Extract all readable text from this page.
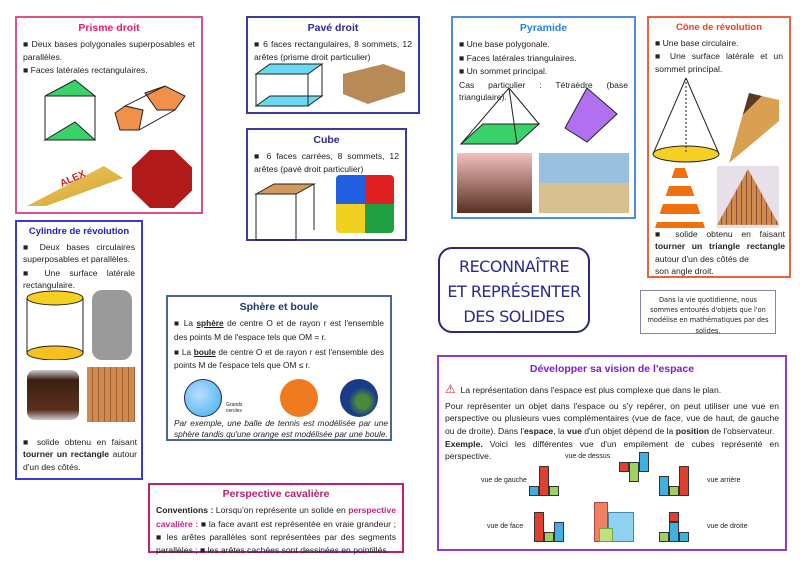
Prisme droit

■ Deux bases polygonales superposables et parallèles.

■ Faces latérales rectangulaires.

ALEX
Cylindre de révolution

■ Deux bases circulaires superposables et parallèles.

■ Une surface latérale rectangulaire.

■ solide obtenu en faisant tourner un rectangle autour d'un des côtés.

Pavé droit

■ 6 faces rectangulaires, 8 sommets, 12 arêtes (prisme droit particulier)

Cube

■ 6 faces carrées, 8 sommets, 12 arêtes (pavé droit particulier)

Pyramide

■ Une base polygonale.

■ Faces latérales triangulaires.

■ Un sommet principal.

Cas particulier : Tétraèdre (base triangulaire).

Cône de révolution

■ Une base circulaire.

■ Une surface latérale et un sommet principal.

■ solide obtenu en faisant tourner un triangle rectangle autour d'un des côtés de
son angle droit.

RECONNAÎTRE
ET REPRÉSENTER
DES SOLIDES
Dans la vie quotidienne, nous sommes entourés d'objets que l'on modélise en mathématiques par des solides.
Sphère et boule

■ La sphère de centre O et de rayon r est l'ensemble des points M de l'espace tels que OM = r.

■ La boule de centre O et de rayon r est l'ensemble des points M de l'espace tels que OM ≤ r.

Grands cercles

Par exemple, une balle de tennis est modélisée par une sphère tandis qu'une orange est modélisée par une boule.

Développer sa vision de l'espace

⚠ La représentation dans l'espace est plus complexe que dans le plan.

Pour représenter un objet dans l'espace ou s'y repérer, on peut utiliser une vue en perspective ou plusieurs vues complémentaires (vue de face, vue de haut, de gauche ou de droite). Dans l'espace, la vue d'un objet dépend de la position de l'observateur.

Exemple. Voici les différentes vue d'un empilement de cubes représenté en perspective.	vue de dessus
vue de gauche	vue arrière
vue de face	vue de droite
Perspective cavalière

Conventions : Lorsqu'on représente un solide en perspective cavalière : ■ la face avant est représentée en vraie grandeur ; ■ les arêtes parallèles sont représentées par des segments parallèles ; ■ les arêtes cachées sont dessinées en pointillés.
